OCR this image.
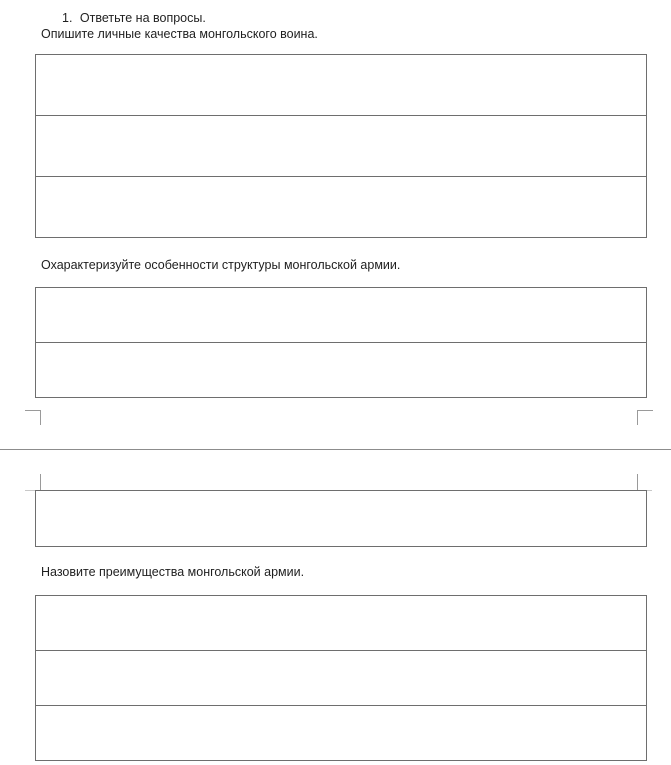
1. Ответьте на вопросы.
Опишите личные качества монгольского воина.

Охарактеризуйте особенности структуры монгольской армии.

Назовите преимущества монгольской армии.
